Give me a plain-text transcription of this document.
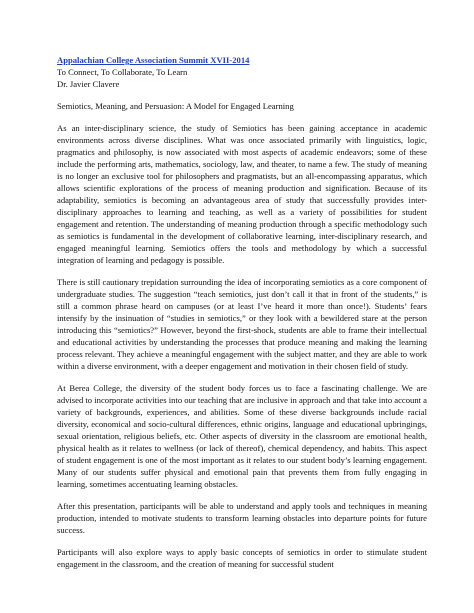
Appalachian College Association Summit XVII-2014

To Connect, To Collaborate, To Learn

Dr. Javier Clavere

Semiotics, Meaning, and Persuasion: A Model for Engaged Learning

As an inter-disciplinary science, the study of Semiotics has been gaining acceptance in academic environments across diverse disciplines. What was once associated primarily with linguistics, logic, pragmatics and philosophy, is now associated with most aspects of academic endeavors; some of these include the performing arts, mathematics, sociology, law, and theater, to name a few. The study of meaning is no longer an exclusive tool for philosophers and pragmatists, but an all-encompassing apparatus, which allows scientific explorations of the process of meaning production and signification. Because of its adaptability, semiotics is becoming an advantageous area of study that successfully provides inter-disciplinary approaches to learning and teaching, as well as a variety of possibilities for student engagement and retention. The understanding of meaning production through a specific methodology such as semiotics is fundamental in the development of collaborative learning, inter-disciplinary research, and engaged meaningful learning. Semiotics offers the tools and methodology by which a successful integration of learning and pedagogy is possible.

There is still cautionary trepidation surrounding the idea of incorporating semiotics as a core component of undergraduate studies. The suggestion “teach semiotics, just don’t call it that in front of the students,” is still a common phrase heard on campuses (or at least I’ve heard it more than once!). Students’ fears intensify by the insinuation of “studies in semiotics,” or they look with a bewildered stare at the person introducing this “semiotics?” However, beyond the first-shock, students are able to frame their intellectual and educational activities by understanding the processes that produce meaning and making the learning process relevant. They achieve a meaningful engagement with the subject matter, and they are able to work within a diverse environment, with a deeper engagement and motivation in their chosen field of study.

At Berea College, the diversity of the student body forces us to face a fascinating challenge. We are advised to incorporate activities into our teaching that are inclusive in approach and that take into account a variety of backgrounds, experiences, and abilities. Some of these diverse backgrounds include racial diversity, economical and socio-cultural differences, ethnic origins, language and educational upbringings, sexual orientation, religious beliefs, etc. Other aspects of diversity in the classroom are emotional health, physical health as it relates to wellness (or lack of thereof), chemical dependency, and habits. This aspect of student engagement is one of the most important as it relates to our student body’s learning engagement. Many of our students suffer physical and emotional pain that prevents them from fully engaging in learning, sometimes accentuating learning obstacles.

After this presentation, participants will be able to understand and apply tools and techniques in meaning production, intended to motivate students to transform learning obstacles into departure points for future success.

Participants will also explore ways to apply basic concepts of semiotics in order to stimulate student engagement in the classroom, and the creation of meaning for successful student
